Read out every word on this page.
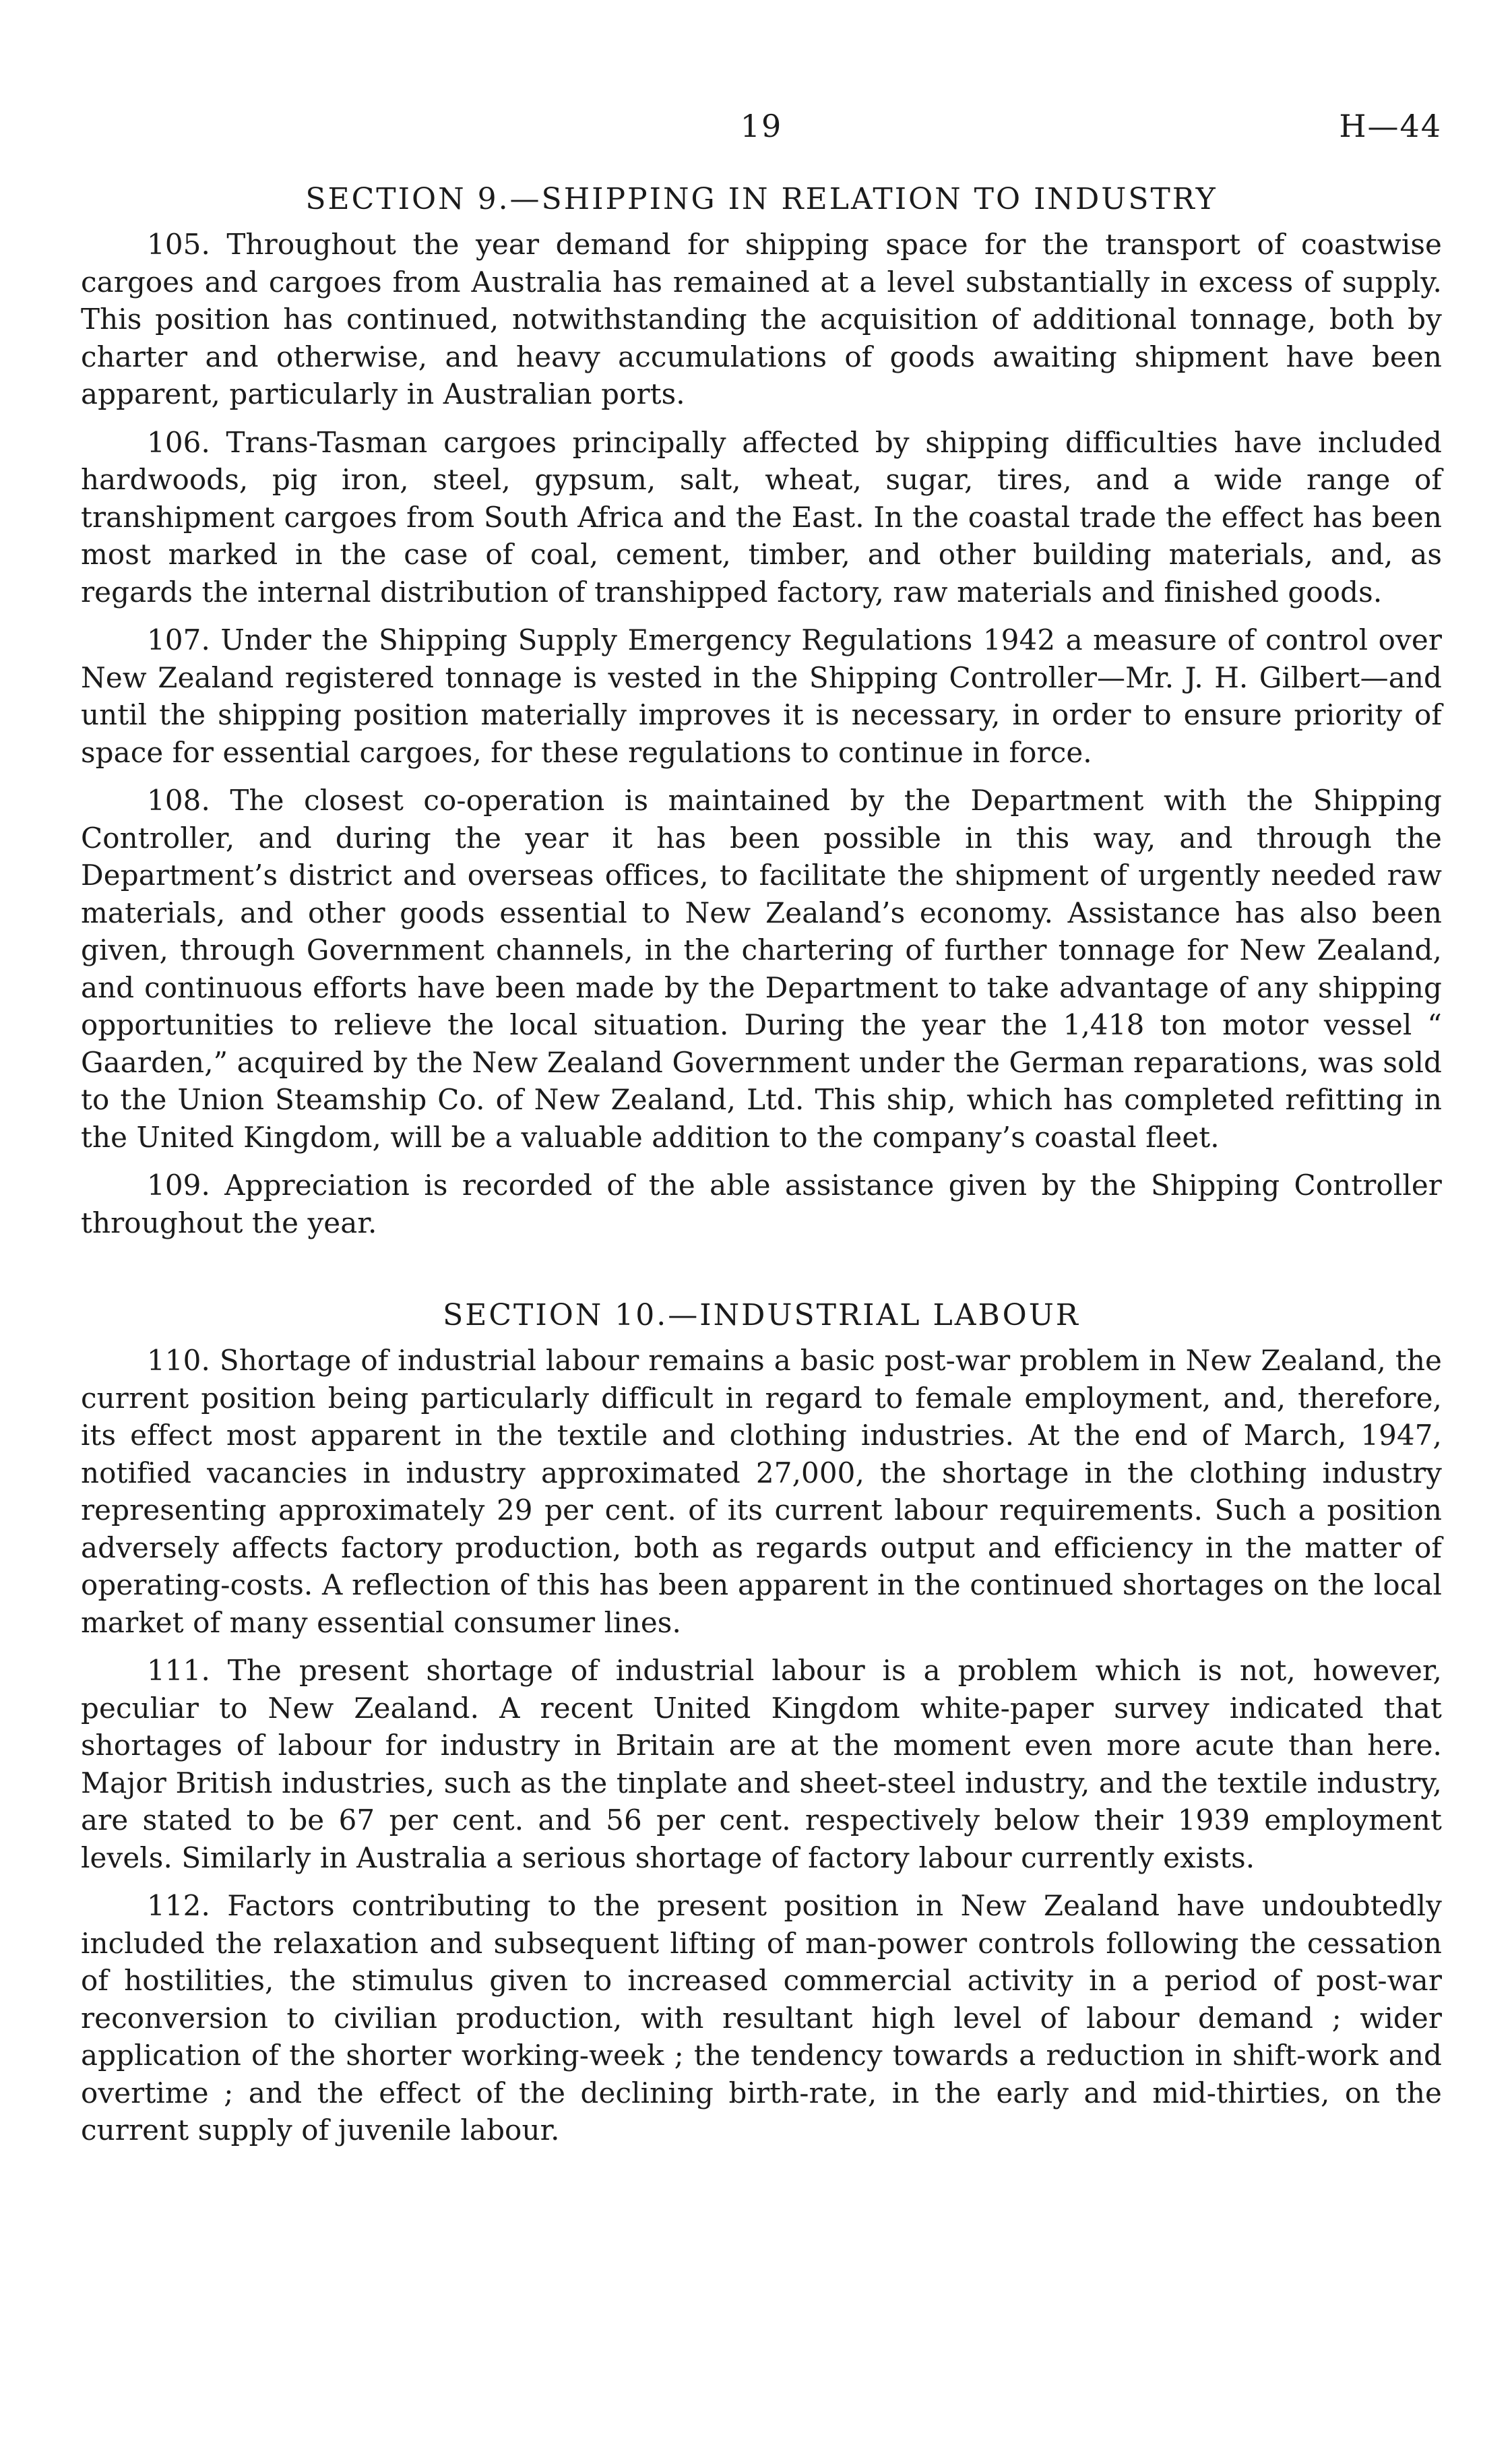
19	H—44
SECTION 9.—SHIPPING IN RELATION TO INDUSTRY

105. Throughout the year demand for shipping space for the transport of coastwise cargoes and cargoes from Australia has remained at a level substantially in excess of supply. This position has continued, notwithstanding the acquisition of additional tonnage, both by charter and otherwise, and heavy accumulations of goods awaiting shipment have been apparent, particularly in Australian ports.

106. Trans-Tasman cargoes principally affected by shipping difficulties have included hardwoods, pig iron, steel, gypsum, salt, wheat, sugar, tires, and a wide range of transhipment cargoes from South Africa and the East. In the coastal trade the effect has been most marked in the case of coal, cement, timber, and other building materials, and, as regards the internal distribution of transhipped factory, raw materials and finished goods.

107. Under the Shipping Supply Emergency Regulations 1942 a measure of control over New Zealand registered tonnage is vested in the Shipping Controller—Mr. J. H. Gilbert—and until the shipping position materially improves it is necessary, in order to ensure priority of space for essential cargoes, for these regulations to continue in force.

108. The closest co-operation is maintained by the Department with the Shipping Controller, and during the year it has been possible in this way, and through the Department’s district and overseas offices, to facilitate the shipment of urgently needed raw materials, and other goods essential to New Zealand’s economy. Assistance has also been given, through Government channels, in the chartering of further tonnage for New Zealand, and continuous efforts have been made by the Department to take advantage of any shipping opportunities to relieve the local situation. During the year the 1,418 ton motor vessel “ Gaarden,” acquired by the New Zealand Government under the German reparations, was sold to the Union Steamship Co. of New Zealand, Ltd. This ship, which has completed refitting in the United Kingdom, will be a valuable addition to the company’s coastal fleet.

109. Appreciation is recorded of the able assistance given by the Shipping Controller throughout the year.

SECTION 10.—INDUSTRIAL LABOUR

110. Shortage of industrial labour remains a basic post-war problem in New Zealand, the current position being particularly difficult in regard to female employment, and, therefore, its effect most apparent in the textile and clothing industries. At the end of March, 1947, notified vacancies in industry approximated 27,000, the shortage in the clothing industry representing approximately 29 per cent. of its current labour requirements. Such a position adversely affects factory production, both as regards output and efficiency in the matter of operating-costs. A reflection of this has been apparent in the continued shortages on the local market of many essential consumer lines.

111. The present shortage of industrial labour is a problem which is not, however, peculiar to New Zealand. A recent United Kingdom white-paper survey indicated that shortages of labour for industry in Britain are at the moment even more acute than here. Major British industries, such as the tinplate and sheet-steel industry, and the textile industry, are stated to be 67 per cent. and 56 per cent. respectively below their 1939 employment levels. Similarly in Australia a serious shortage of factory labour currently exists.

112. Factors contributing to the present position in New Zealand have undoubtedly included the relaxation and subsequent lifting of man-power controls following the cessation of hostilities, the stimulus given to increased commercial activity in a period of post-war reconversion to civilian production, with resultant high level of labour demand ; wider application of the shorter working-week ; the tendency towards a reduction in shift-work and overtime ; and the effect of the declining birth-rate, in the early and mid-thirties, on the current supply of juvenile labour.
